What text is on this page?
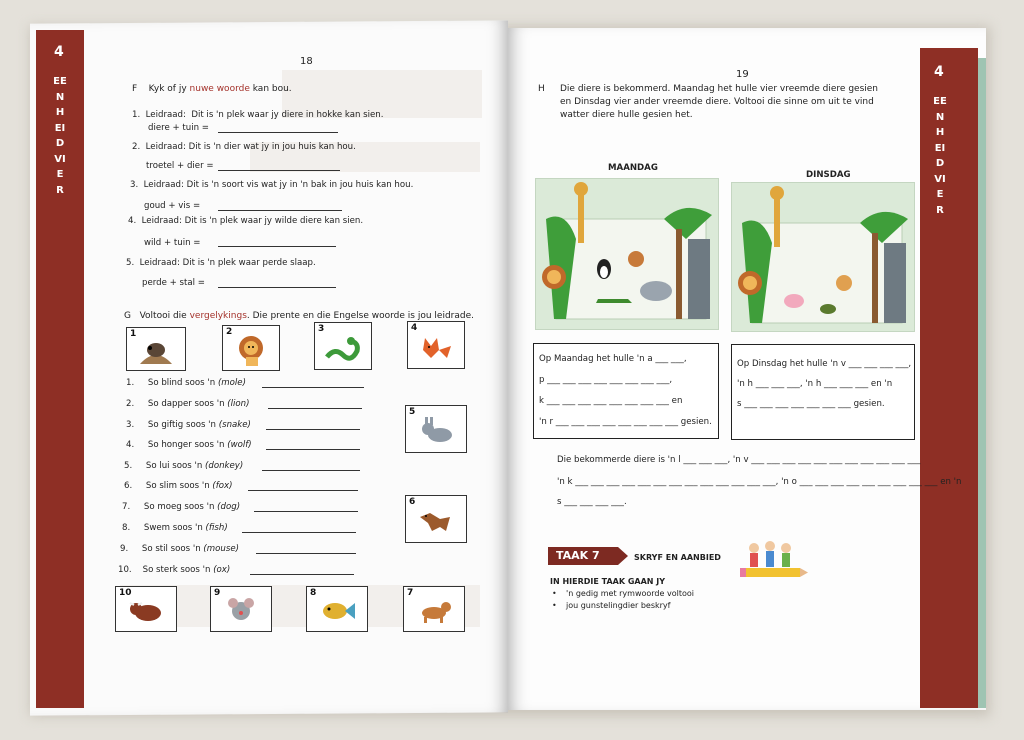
4
EENHEID VIER
4
EENHEID VIER
18
F Kyk of jy nuwe woorde kan bou.
1. Leidraad: Dit is 'n plek waar jy diere in hokke kan sien.
diere + tuin =
2. Leidraad: Dit is 'n dier wat jy in jou huis kan hou.
troetel + dier =
3. Leidraad: Dit is 'n soort vis wat jy in 'n bak in jou huis kan hou.
goud + vis =
4. Leidraad: Dit is 'n plek waar jy wilde diere kan sien.
wild + tuin =
5. Leidraad: Dit is 'n plek waar perde slaap.
perde + stal =
G Voltooi die vergelykings. Die prente en die Engelse woorde is jou leidrade.
1	2	3	4
5
6
1. So blind soos 'n (mole)
2. So dapper soos 'n (lion)
3. So giftig soos 'n (snake)
4. So honger soos 'n (wolf)
5. So lui soos 'n (donkey)
6. So slim soos 'n (fox)
7. So moeg soos 'n (dog)
8. Swem soos 'n (fish)
9. So stil soos 'n (mouse)
10. So sterk soos 'n (ox)
10	9	8	7
19
H Die diere is bekommerd. Maandag het hulle vier vreemde diere gesien
en Dinsdag vier ander vreemde diere. Voltooi die sinne om uit te vind
watter diere hulle gesien het.
MAANDAG
DINSDAG
Op Maandag het hulle 'n a ___ ___,
p ___ ___ ___ ___ ___ ___ ___ ___,
k ___ ___ ___ ___ ___ ___ ___ ___ en
'n r ___ ___ ___ ___ ___ ___ ___ ___ gesien.
Op Dinsdag het hulle 'n v ___ ___ ___ ___,
'n h ___ ___ ___, 'n h ___ ___ ___ en 'n
s ___ ___ ___ ___ ___ ___ ___ gesien.
Die bekommerde diere is 'n l ___ ___ ___, 'n v ___ ___ ___ ___ ___ ___ ___ ___ ___ ___ ___
'n k ___ ___ ___ ___ ___ ___ ___ ___ ___ ___ ___ ___ ___, 'n o ___ ___ ___ ___ ___ ___ ___ ___ ___ en 'n
s ___ ___ ___ ___.
TAAK 7	SKRYF EN AANBIED
IN HIERDIE TAAK GAAN JY
• 'n gedig met rymwoorde voltooi
• jou gunstelingdier beskryf
